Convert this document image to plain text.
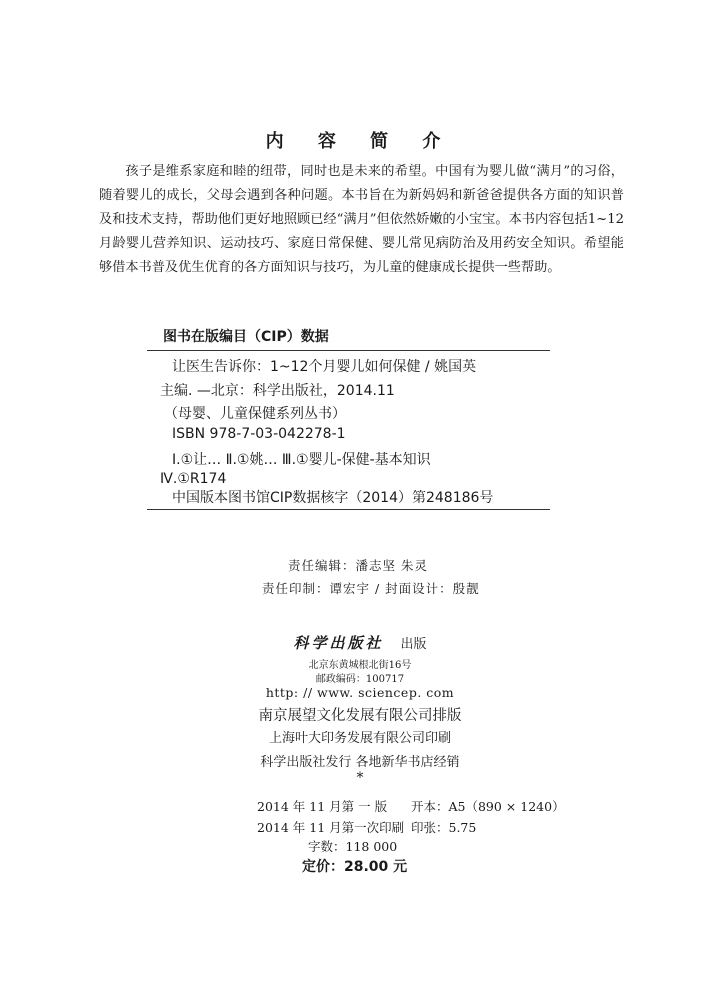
内 容 简 介

孩子是维系家庭和睦的纽带，同时也是未来的希望。中国有为婴儿做“满月”的习俗，随着婴儿的成长，父母会遇到各种问题。本书旨在为新妈妈和新爸爸提供各方面的知识普及和技术支持，帮助他们更好地照顾已经“满月”但依然娇嫩的小宝宝。本书内容包括1~12月龄婴儿营养知识、运动技巧、家庭日常保健、婴儿常见病防治及用药安全知识。希望能够借本书普及优生优育的各方面知识与技巧，为儿童的健康成长提供一些帮助。

图书在版编目（CIP）数据
让医生告诉你：1~12个月婴儿如何保健 / 姚国英
主编. —北京：科学出版社，2014.11
（母婴、儿童保健系列丛书）
ISBN 978-7-03-042278-1
Ⅰ.①让… Ⅱ.①姚… Ⅲ.①婴儿-保健-基本知识
Ⅳ.①R174
中国版本图书馆CIP数据核字（2014）第248186号
责任编辑：潘志坚 朱灵
责任印制：谭宏宇 / 封面设计：殷靓
科学出版社 出版
北京东黄城根北街16号
邮政编码：100717
http: // www. sciencep. com
南京展望文化发展有限公司排版
上海叶大印务发展有限公司印刷
科学出版社发行 各地新华书店经销
*
2014 年 11 月第 一 版 开本：A5（890 × 1240）
2014 年 11 月第一次印刷 印张：5.75
字数：118 000
定价：28.00 元
